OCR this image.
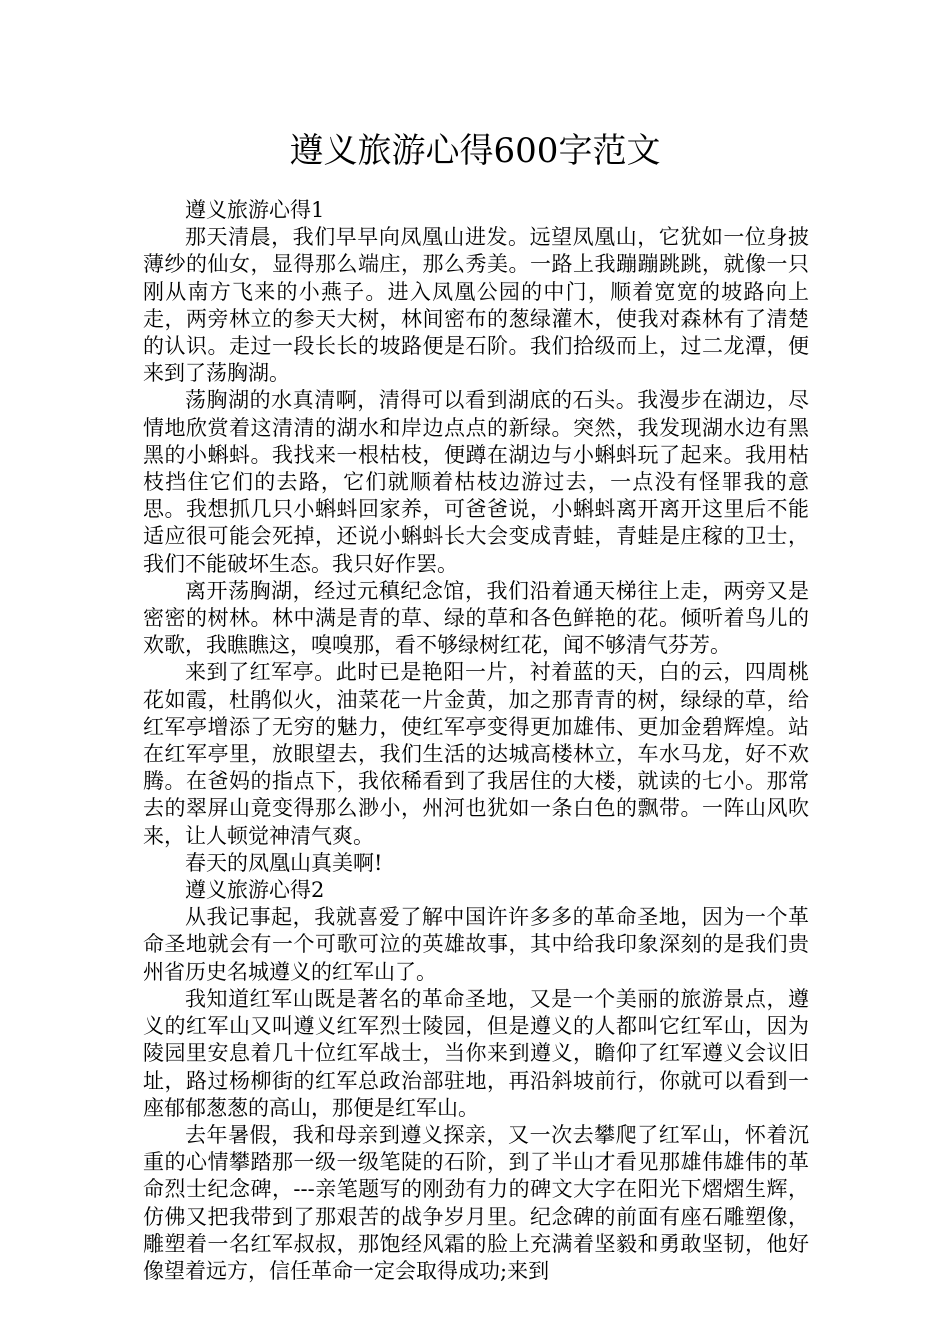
遵义旅游心得600字范文

遵义旅游心得1

那天清晨，我们早早向凤凰山进发。远望凤凰山，它犹如一位身披薄纱的仙女，显得那么端庄，那么秀美。一路上我蹦蹦跳跳，就像一只刚从南方飞来的小燕子。进入凤凰公园的中门，顺着宽宽的坡路向上走，两旁林立的参天大树，林间密布的葱绿灌木，使我对森林有了清楚的认识。走过一段长长的坡路便是石阶。我们拾级而上，过二龙潭，便来到了荡胸湖。

荡胸湖的水真清啊，清得可以看到湖底的石头。我漫步在湖边，尽情地欣赏着这清清的湖水和岸边点点的新绿。突然，我发现湖水边有黑黑的小蝌蚪。我找来一根枯枝，便蹲在湖边与小蝌蚪玩了起来。我用枯枝挡住它们的去路，它们就顺着枯枝边游过去，一点没有怪罪我的意思。我想抓几只小蝌蚪回家养，可爸爸说，小蝌蚪离开离开这里后不能适应很可能会死掉，还说小蝌蚪长大会变成青蛙，青蛙是庄稼的卫士，我们不能破坏生态。我只好作罢。

离开荡胸湖，经过元稹纪念馆，我们沿着通天梯往上走，两旁又是密密的树林。林中满是青的草、绿的草和各色鲜艳的花。倾听着鸟儿的欢歌，我瞧瞧这，嗅嗅那，看不够绿树红花，闻不够清气芬芳。

来到了红军亭。此时已是艳阳一片，衬着蓝的天，白的云，四周桃花如霞，杜鹃似火，油菜花一片金黄，加之那青青的树，绿绿的草，给红军亭增添了无穷的魅力，使红军亭变得更加雄伟、更加金碧辉煌。站在红军亭里，放眼望去，我们生活的达城高楼林立，车水马龙，好不欢腾。在爸妈的指点下，我依稀看到了我居住的大楼，就读的七小。那常去的翠屏山竟变得那么渺小，州河也犹如一条白色的飘带。一阵山风吹来，让人顿觉神清气爽。

春天的凤凰山真美啊!

遵义旅游心得2

从我记事起，我就喜爱了解中国许许多多的革命圣地，因为一个革命圣地就会有一个可歌可泣的英雄故事，其中给我印象深刻的是我们贵州省历史名城遵义的红军山了。

我知道红军山既是著名的革命圣地，又是一个美丽的旅游景点，遵义的红军山又叫遵义红军烈士陵园，但是遵义的人都叫它红军山，因为陵园里安息着几十位红军战士，当你来到遵义，瞻仰了红军遵义会议旧址，路过杨柳街的红军总政治部驻地，再沿斜坡前行，你就可以看到一座郁郁葱葱的高山，那便是红军山。

去年暑假，我和母亲到遵义探亲，又一次去攀爬了红军山，怀着沉重的心情攀踏那一级一级笔陡的石阶，到了半山才看见那雄伟雄伟的革命烈士纪念碑，---亲笔题写的刚劲有力的碑文大字在阳光下熠熠生辉，仿佛又把我带到了那艰苦的战争岁月里。纪念碑的前面有座石雕塑像，雕塑着一名红军叔叔，那饱经风霜的脸上充满着坚毅和勇敢坚韧，他好像望着远方，信任革命一定会取得成功;来到
